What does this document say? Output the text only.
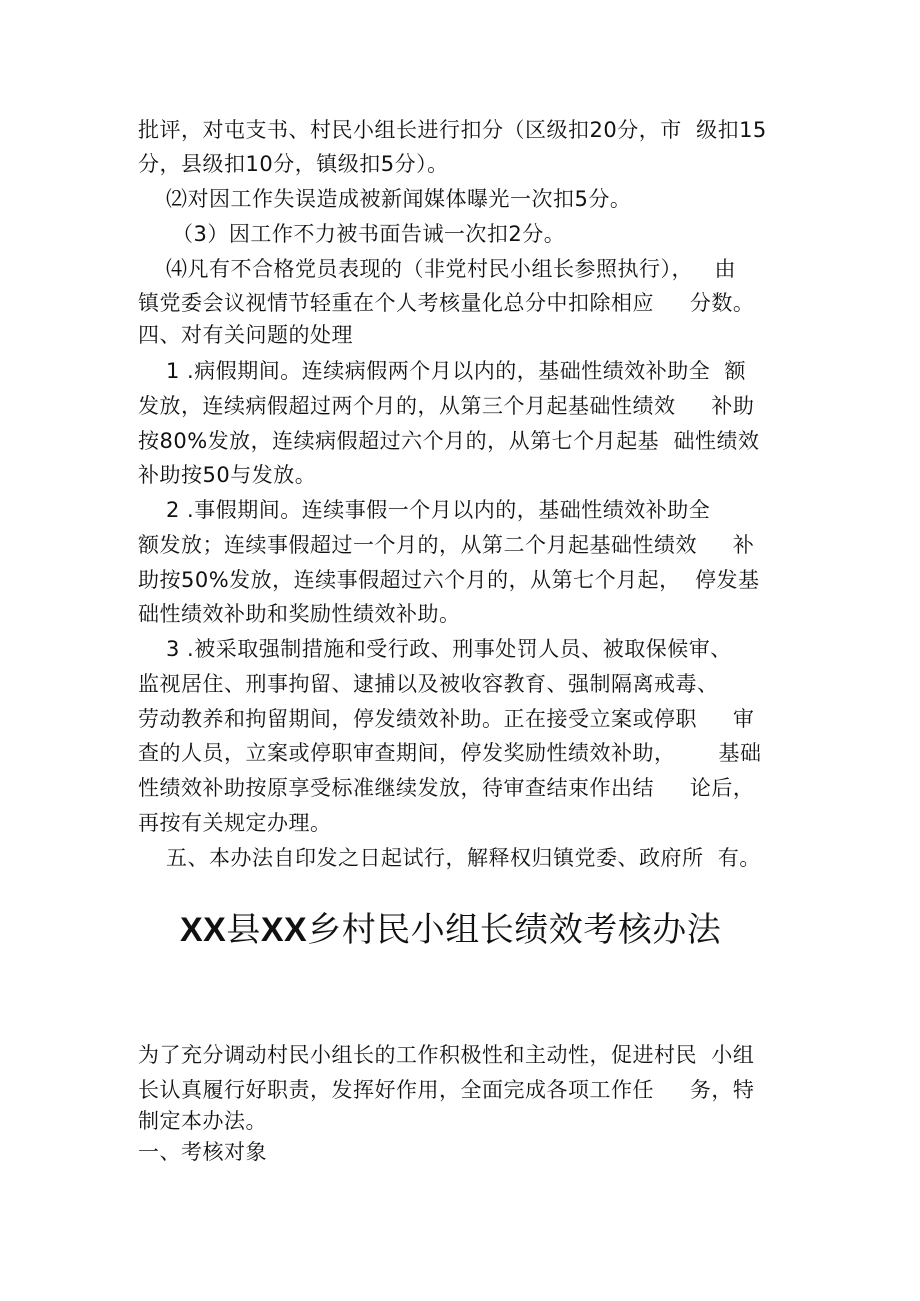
批评，对屯支书、村民小组长进行扣分（区级扣20分，市  级扣15
分，县级扣10分，镇级扣5分）。
⑵对因工作失误造成被新闻媒体曝光一次扣5分。
（3）因工作不力被书面告诫一次扣2分。
⑷凡有不合格党员表现的（非党村民小组长参照执行），   由
镇党委会议视情节轻重在个人考核量化总分中扣除相应     分数。
四、对有关问题的处理
1 .病假期间。连续病假两个月以内的，基础性绩效补助全  额
发放，连续病假超过两个月的，从第三个月起基础性绩效     补助
按80%发放，连续病假超过六个月的，从第七个月起基  础性绩效
补助按50与发放。
2 .事假期间。连续事假一个月以内的，基础性绩效补助全
额发放；连续事假超过一个月的，从第二个月起基础性绩效     补
助按50%发放，连续事假超过六个月的，从第七个月起，  停发基
础性绩效补助和奖励性绩效补助。
3 .被采取强制措施和受行政、刑事处罚人员、被取保候审、
监视居住、刑事拘留、逮捕以及被收容教育、强制隔离戒毒、
劳动教养和拘留期间，停发绩效补助。正在接受立案或停职     审
查的人员，立案或停职审查期间，停发奖励性绩效补助，      基础
性绩效补助按原享受标准继续发放，待审查结束作出结     论后，
再按有关规定办理。
五、本办法自印发之日起试行，解释权归镇党委、政府所  有。
XX县XX乡村民小组长绩效考核办法
为了充分调动村民小组长的工作积极性和主动性，促进村民  小组
长认真履行好职责，发挥好作用，全面完成各项工作任     务，特
制定本办法。
一、考核对象
